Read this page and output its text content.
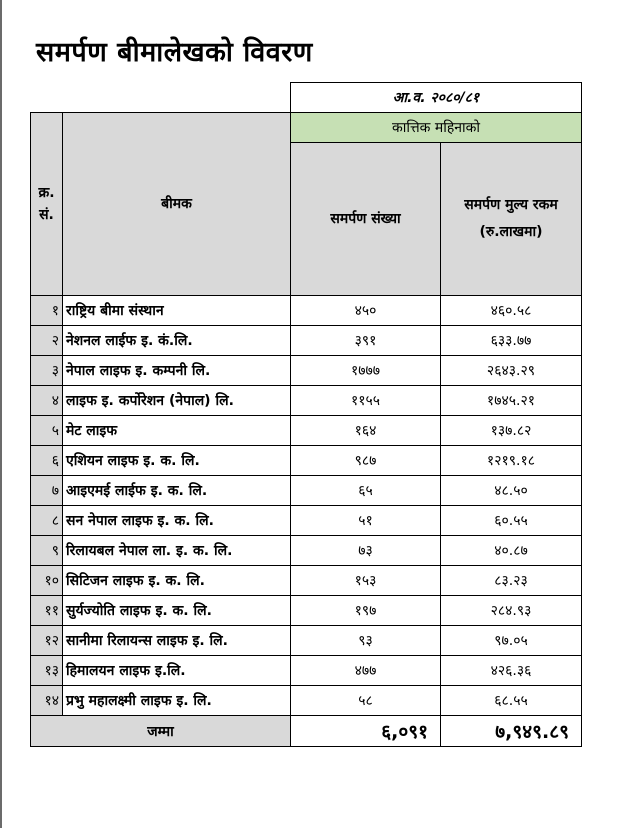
समर्पण बीमालेखको विवरण
		आ.व. २०८०/८१	
क्र. सं.	बीमक	कात्तिक महिनाको	
		समर्पण संख्या	समर्पण मुल्य रकम (रु.लाखमा)
१	राष्ट्रिय बीमा संस्थान	४५०	४६०.५८
२	नेशनल लाईफ इ. कं.लि.	३९१	६३३.७७
३	नेपाल लाइफ इ. कम्पनी लि.	१७७७	२६४३.२९
४	लाइफ इ. कर्पोरेशन (नेपाल) लि.	११५५	१७४५.२१
५	मेट लाइफ	१६४	१३७.८२
६	एशियन लाइफ इ. क. लि.	९८७	१२१९.१८
७	आइएमई लाईफ इ. क. लि.	६५	४८.५०
८	सन नेपाल लाइफ इ. क. लि.	५१	६०.५५
९	रिलायबल नेपाल ला. इ. क. लि.	७३	४०.८७
१०	सिटिजन लाइफ इ. क. लि.	१५३	८३.२३
११	सुर्यज्योति लाइफ इ. क. लि.	१९७	२८४.९३
१२	सानीमा रिलायन्स लाइफ इ. लि.	९३	९७.०५
१३	हिमालयन लाइफ इ.लि.	४७७	४२६.३६
१४	प्रभु महालक्ष्मी लाइफ इ. लि.	५८	६८.५५
जम्मा		६,०९१	७,९४९.८९
